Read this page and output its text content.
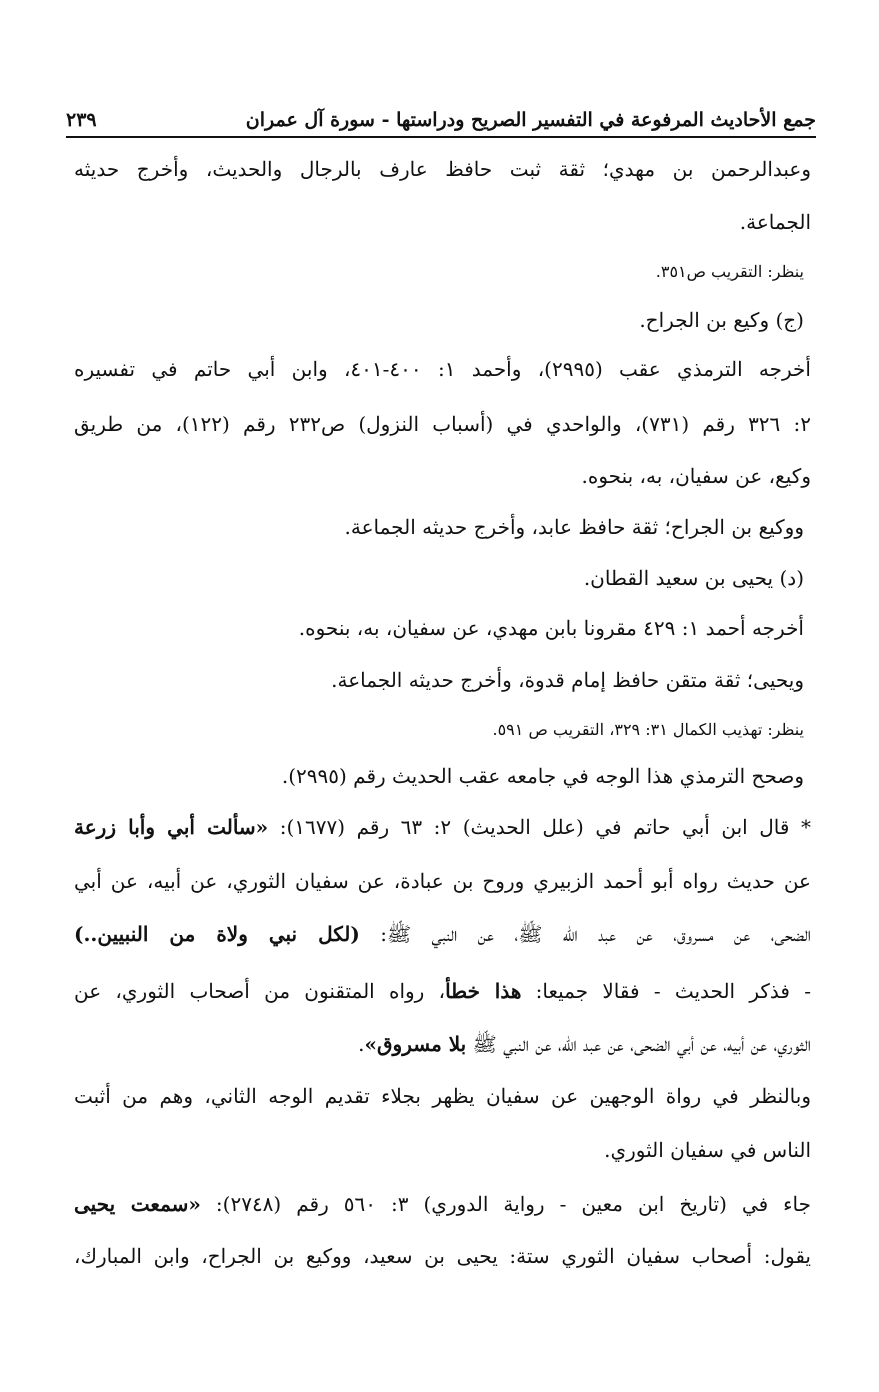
جمع الأحاديث المرفوعة في التفسير الصريح ودراستها - سورة آل عمران
٢٣٩
وعبدالرحمن بن مهدي؛ ثقة ثبت حافظ عارف بالرجال والحديث، وأخرج حديثه
الجماعة.
ينظر: التقريب ص٣٥١.
(ج) وكيع بن الجراح.
أخرجه الترمذي عقب (٢٩٩٥)، وأحمد ١: ٤٠٠-٤٠١، وابن أبي حاتم في تفسيره
٢: ٣٢٦ رقم (٧٣١)، والواحدي في (أسباب النزول) ص٢٣٢ رقم (١٢٢)، من طريق
وكيع، عن سفيان، به، بنحوه.
ووكيع بن الجراح؛ ثقة حافظ عابد، وأخرج حديثه الجماعة.
(د) يحيى بن سعيد القطان.
أخرجه أحمد ١: ٤٢٩ مقرونا بابن مهدي، عن سفيان، به، بنحوه.
ويحيى؛ ثقة متقن حافظ إمام قدوة، وأخرج حديثه الجماعة.
ينظر: تهذيب الكمال ٣١: ٣٢٩، التقريب ص ٥٩١.
وصحح الترمذي هذا الوجه في جامعه عقب الحديث رقم (٢٩٩٥).
* قال ابن أبي حاتم في (علل الحديث) ٢: ٦٣ رقم (١٦٧٧): «سألت أبي وأبا زرعة
عن حديث رواه أبو أحمد الزبيري وروح بن عبادة، عن سفيان الثوري، عن أبيه، عن أبي
الضحى، عن مسروق، عن عبد الله ﷺ، عن النبي ﷺ: (لكل نبي ولاة من النبيين..)
- فذكر الحديث - فقالا جميعا: هذا خطأ، رواه المتقنون من أصحاب الثوري، عن
الثوري، عن أبيه، عن أبي الضحى، عن عبد الله، عن النبي ﷺ بلا مسروق».
وبالنظر في رواة الوجهين عن سفيان يظهر بجلاء تقديم الوجه الثاني، وهم من أثبت
الناس في سفيان الثوري.
جاء في (تاريخ ابن معين - رواية الدوري) ٣: ٥٦٠ رقم (٢٧٤٨): «سمعت يحيى
يقول: أصحاب سفيان الثوري ستة: يحيى بن سعيد، ووكيع بن الجراح، وابن المبارك،
